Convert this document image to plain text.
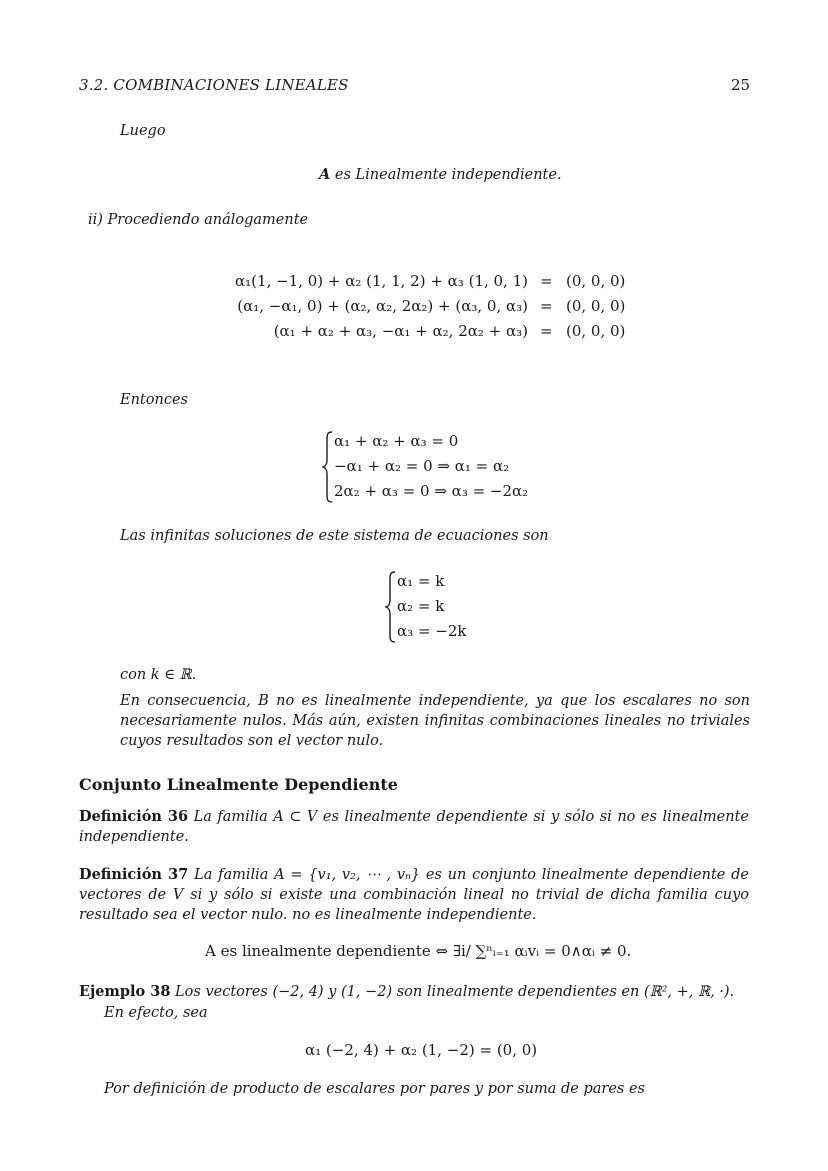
3.2. COMBINACIONES LINEALES	25
Luego
A es Linealmente independiente.
ii) Procediendo análogamente
α₁(1, −1, 0) + α₂ (1, 1, 2) + α₃ (1, 0, 1) = (0, 0, 0)
(α₁, −α₁, 0) + (α₂, α₂, 2α₂) + (α₃, 0, α₃) = (0, 0, 0)
(α₁ + α₂ + α₃, −α₁ + α₂, 2α₂ + α₃) = (0, 0, 0)
Entonces
α₁ + α₂ + α₃ = 0
−α₁ + α₂ = 0 ⇒ α₁ = α₂
2α₂ + α₃ = 0 ⇒ α₃ = −2α₂
Las infinitas soluciones de este sistema de ecuaciones son
α₁ = k
α₂ = k
α₃ = −2k
con k ∈ ℝ.
En consecuencia, B no es linealmente independiente, ya que los escalares no son necesariamente nulos. Más aún, existen infinitas combinaciones lineales no triviales cuyos resultados son el vector nulo.
Conjunto Linealmente Dependiente
Definición 36 La familia A ⊂ V es linealmente dependiente si y sólo si no es linealmente independiente.
Definición 37 La familia A = {v₁, v₂, ⋯ , vₙ} es un conjunto linealmente dependiente de vectores de V si y sólo si existe una combinación lineal no trivial de dicha familia cuyo resultado sea el vector nulo. no es linealmente independiente.
A es linealmente dependiente ⇔ ∃i/ ∑ⁿᵢ₌₁ αᵢvᵢ = 0∧αᵢ ≠ 0.
Ejemplo 38 Los vectores (−2, 4) y (1, −2) son linealmente dependientes en (ℝ², +, ℝ, ·).
En efecto, sea
α₁ (−2, 4) + α₂ (1, −2) = (0, 0)
Por definición de producto de escalares por pares y por suma de pares es
